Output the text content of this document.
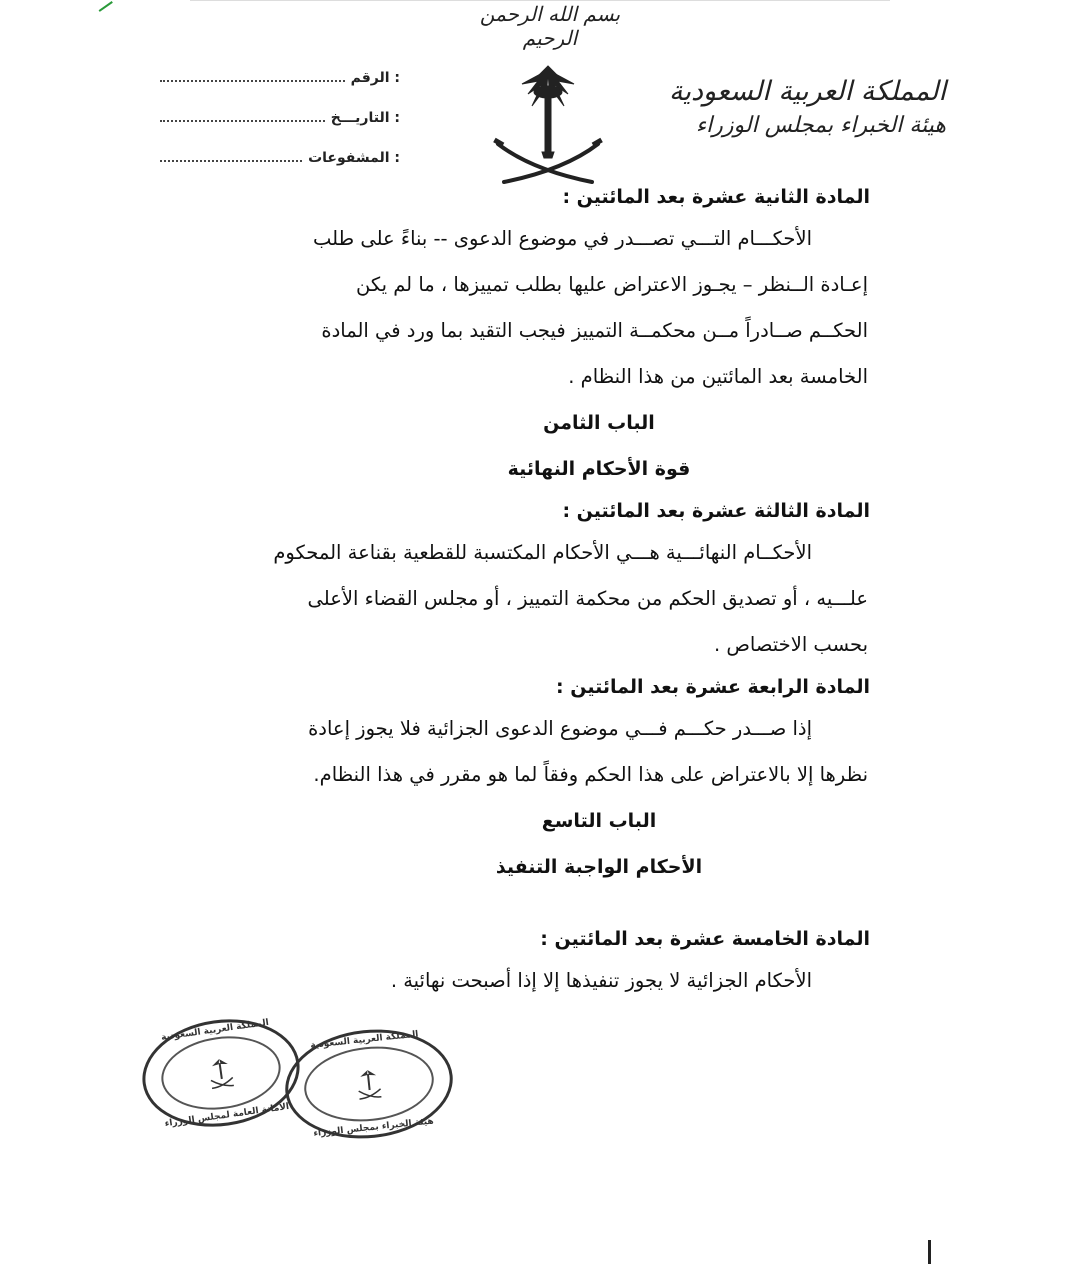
بسم الله الرحمن الرحيم
المملكة العربية السعودية
هيئة الخبراء بمجلس الوزراء
الرقم :
التاريـــخ :
المشفوعات :
المادة الثانية عشرة بعد المائتين :
الأحكـــام التـــي تصـــدر في موضوع الدعوى -- بناءً على طلب
إعـادة الــنظر – يجـوز الاعتراض عليها بطلب تمييزها ، ما لم يكن
الحكــم صــادراً مــن محكمــة التمييز فيجب التقيد بما ورد في المادة
الخامسة بعد المائتين من هذا النظام .
الباب الثامن
قوة الأحكام النهائية
المادة الثالثة عشرة بعد المائتين :
الأحكــام النهائـــية هـــي الأحكام المكتسبة للقطعية بقناعة المحكوم
علـــيه ، أو تصديق الحكم من محكمة التمييز ، أو مجلس القضاء الأعلى
بحسب الاختصاص .
المادة الرابعة عشرة بعد المائتين :
إذا صـــدر حكـــم فـــي موضوع الدعوى الجزائية فلا يجوز إعادة
نظرها إلا بالاعتراض على هذا الحكم وفقاً لما هو مقرر في هذا النظام.
الباب التاسع
الأحكام الواجبة التنفيذ
المادة الخامسة عشرة بعد المائتين :
الأحكام الجزائية لا يجوز تنفيذها إلا إذا أصبحت نهائية .
المملكة العربية السعودية
الأمانة العامة لمجلس الوزراء
المملكة العربية السعودية
هيئة الخبراء بمجلس الوزراء
